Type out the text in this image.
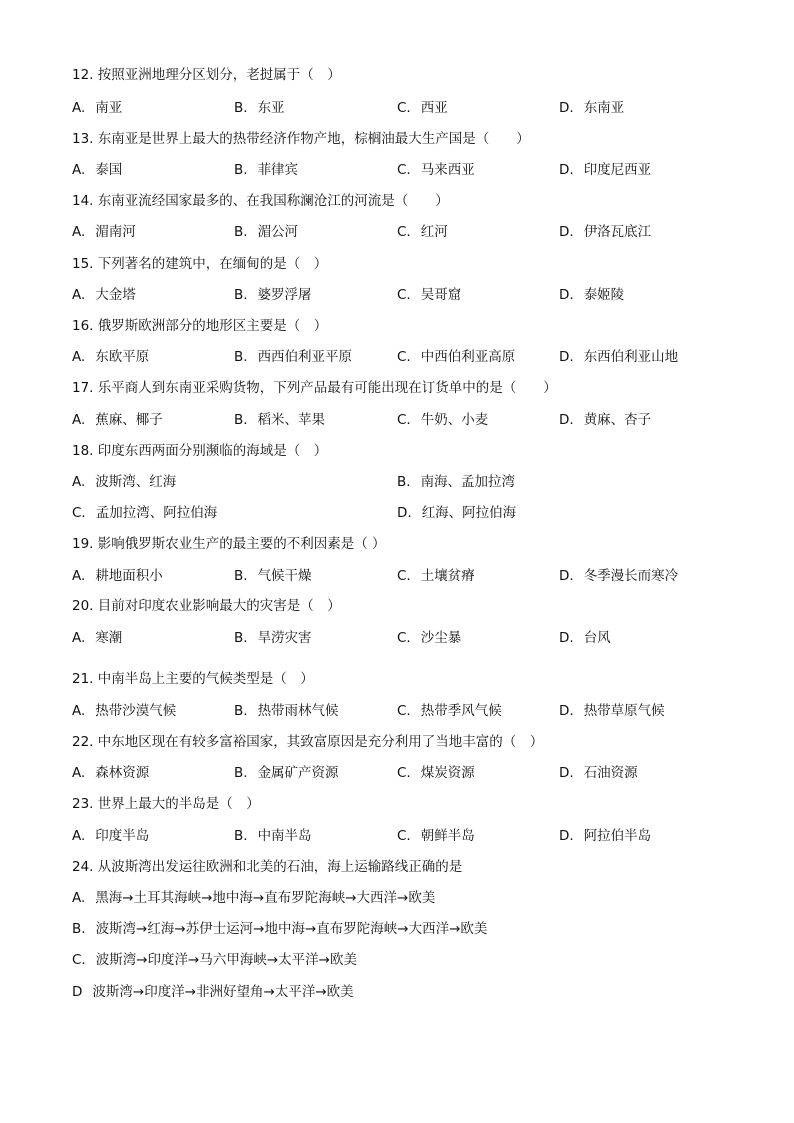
12. 按照亚洲地理分区划分，老挝属于（　）
A. 南亚	B. 东亚	C. 西亚	D. 东南亚
13. 东南亚是世界上最大的热带经济作物产地，棕榈油最大生产国是（　　）
A. 泰国	B. 菲律宾	C. 马来西亚	D. 印度尼西亚
14. 东南亚流经国家最多的、在我国称澜沧江的河流是（　　）
A. 湄南河	B. 湄公河	C. 红河	D. 伊洛瓦底江
15. 下列著名的建筑中，在缅甸的是（　）
A. 大金塔	B. 婆罗浮屠	C. 吴哥窟	D. 泰姬陵
16. 俄罗斯欧洲部分的地形区主要是（　）
A. 东欧平原	B. 西西伯利亚平原	C. 中西伯利亚高原	D. 东西伯利亚山地
17. 乐平商人到东南亚采购货物，下列产品最有可能出现在订货单中的是（　　）
A. 蕉麻、椰子	B. 稻米、苹果	C. 牛奶、小麦	D. 黄麻、杏子
18. 印度东西两面分别濒临的海域是（　）
A. 波斯湾、红海	B. 南海、孟加拉湾
C. 孟加拉湾、阿拉伯海	D. 红海、阿拉伯海
19. 影响俄罗斯农业生产的最主要的不利因素是（ ）
A. 耕地面积小	B. 气候干燥	C. 土壤贫瘠	D. 冬季漫长而寒冷
20. 目前对印度农业影响最大的灾害是（　）
A. 寒潮	B. 旱涝灾害	C. 沙尘暴	D. 台风
21. 中南半岛上主要的气候类型是（　）
A. 热带沙漠气候	B. 热带雨林气候	C. 热带季风气候	D. 热带草原气候
22. 中东地区现在有较多富裕国家，其致富原因是充分利用了当地丰富的（　）
A. 森林资源	B. 金属矿产资源	C. 煤炭资源	D. 石油资源
23. 世界上最大的半岛是（　）
A. 印度半岛	B. 中南半岛	C. 朝鲜半岛	D. 阿拉伯半岛
24. 从波斯湾出发运往欧洲和北美的石油，海上运输路线正确的是
A. 黑海→土耳其海峡→地中海→直布罗陀海峡→大西洋→欧美
B. 波斯湾→红海→苏伊士运河→地中海→直布罗陀海峡→大西洋→欧美
C. 波斯湾→印度洋→马六甲海峡→太平洋→欧美
D 波斯湾→印度洋→非洲好望角→太平洋→欧美
